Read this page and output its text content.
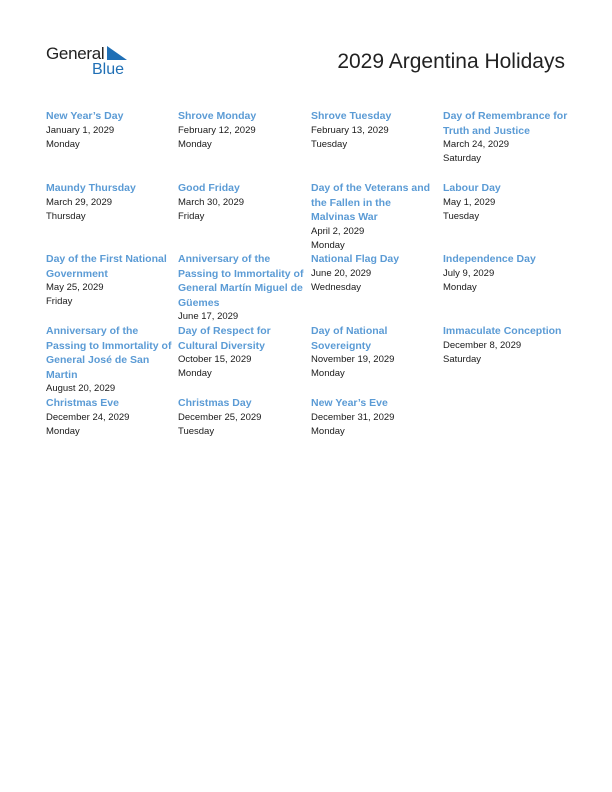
General
Blue	2029 Argentina Holidays
New Year’s Day
January 1, 2029
Monday
Shrove Monday
February 12, 2029
Monday
Shrove Tuesday
February 13, 2029
Tuesday
Day of Remembrance for Truth and Justice
March 24, 2029
Saturday
Maundy Thursday
March 29, 2029
Thursday
Good Friday
March 30, 2029
Friday
Day of the Veterans and the Fallen in the Malvinas War
April 2, 2029
Monday
Labour Day
May 1, 2029
Tuesday
Day of the First National Government
May 25, 2029
Friday
Anniversary of the Passing to Immortality of General Martín Miguel de Güemes
June 17, 2029
National Flag Day
June 20, 2029
Wednesday
Independence Day
July 9, 2029
Monday
Anniversary of the Passing to Immortality of General José de San Martin
August 20, 2029
Day of Respect for Cultural Diversity
October 15, 2029
Monday
Day of National Sovereignty
November 19, 2029
Monday
Immaculate Conception
December 8, 2029
Saturday
Christmas Eve
December 24, 2029
Monday
Christmas Day
December 25, 2029
Tuesday
New Year’s Eve
December 31, 2029
Monday
